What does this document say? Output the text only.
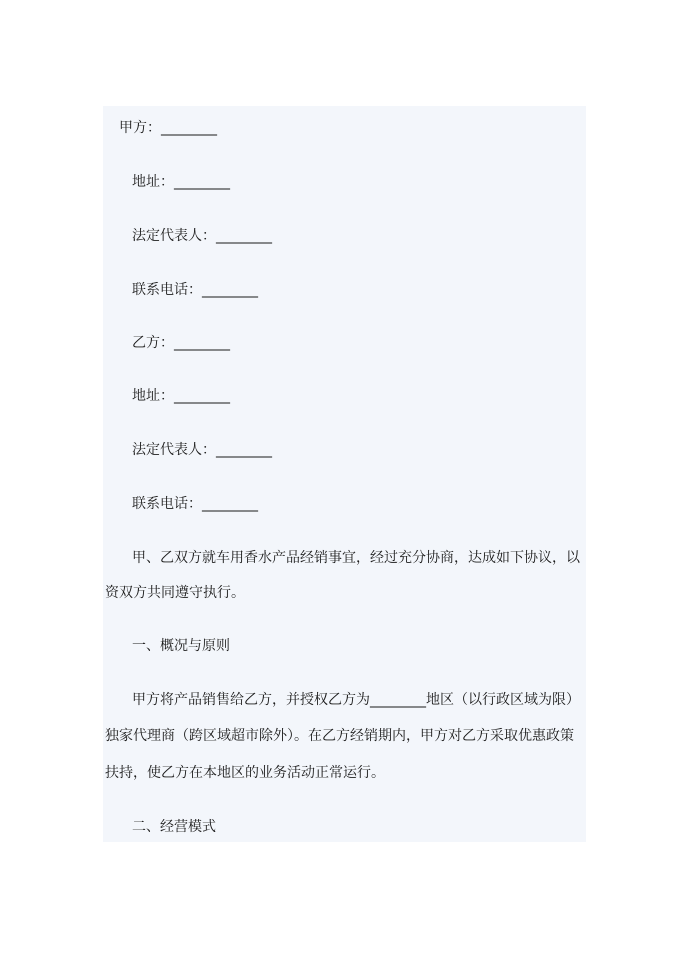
甲方：________
地址：________
法定代表人：________
联系电话：________
乙方：________
地址：________
法定代表人：________
联系电话：________
甲、乙双方就车用香水产品经销事宜，经过充分协商，达成如下协议，以
资双方共同遵守执行。
一、概况与原则
甲方将产品销售给乙方，并授权乙方为________地区（以行政区域为限）
独家代理商（跨区域超市除外）。在乙方经销期内，甲方对乙方采取优惠政策
扶持，使乙方在本地区的业务活动正常运行。
二、经营模式
